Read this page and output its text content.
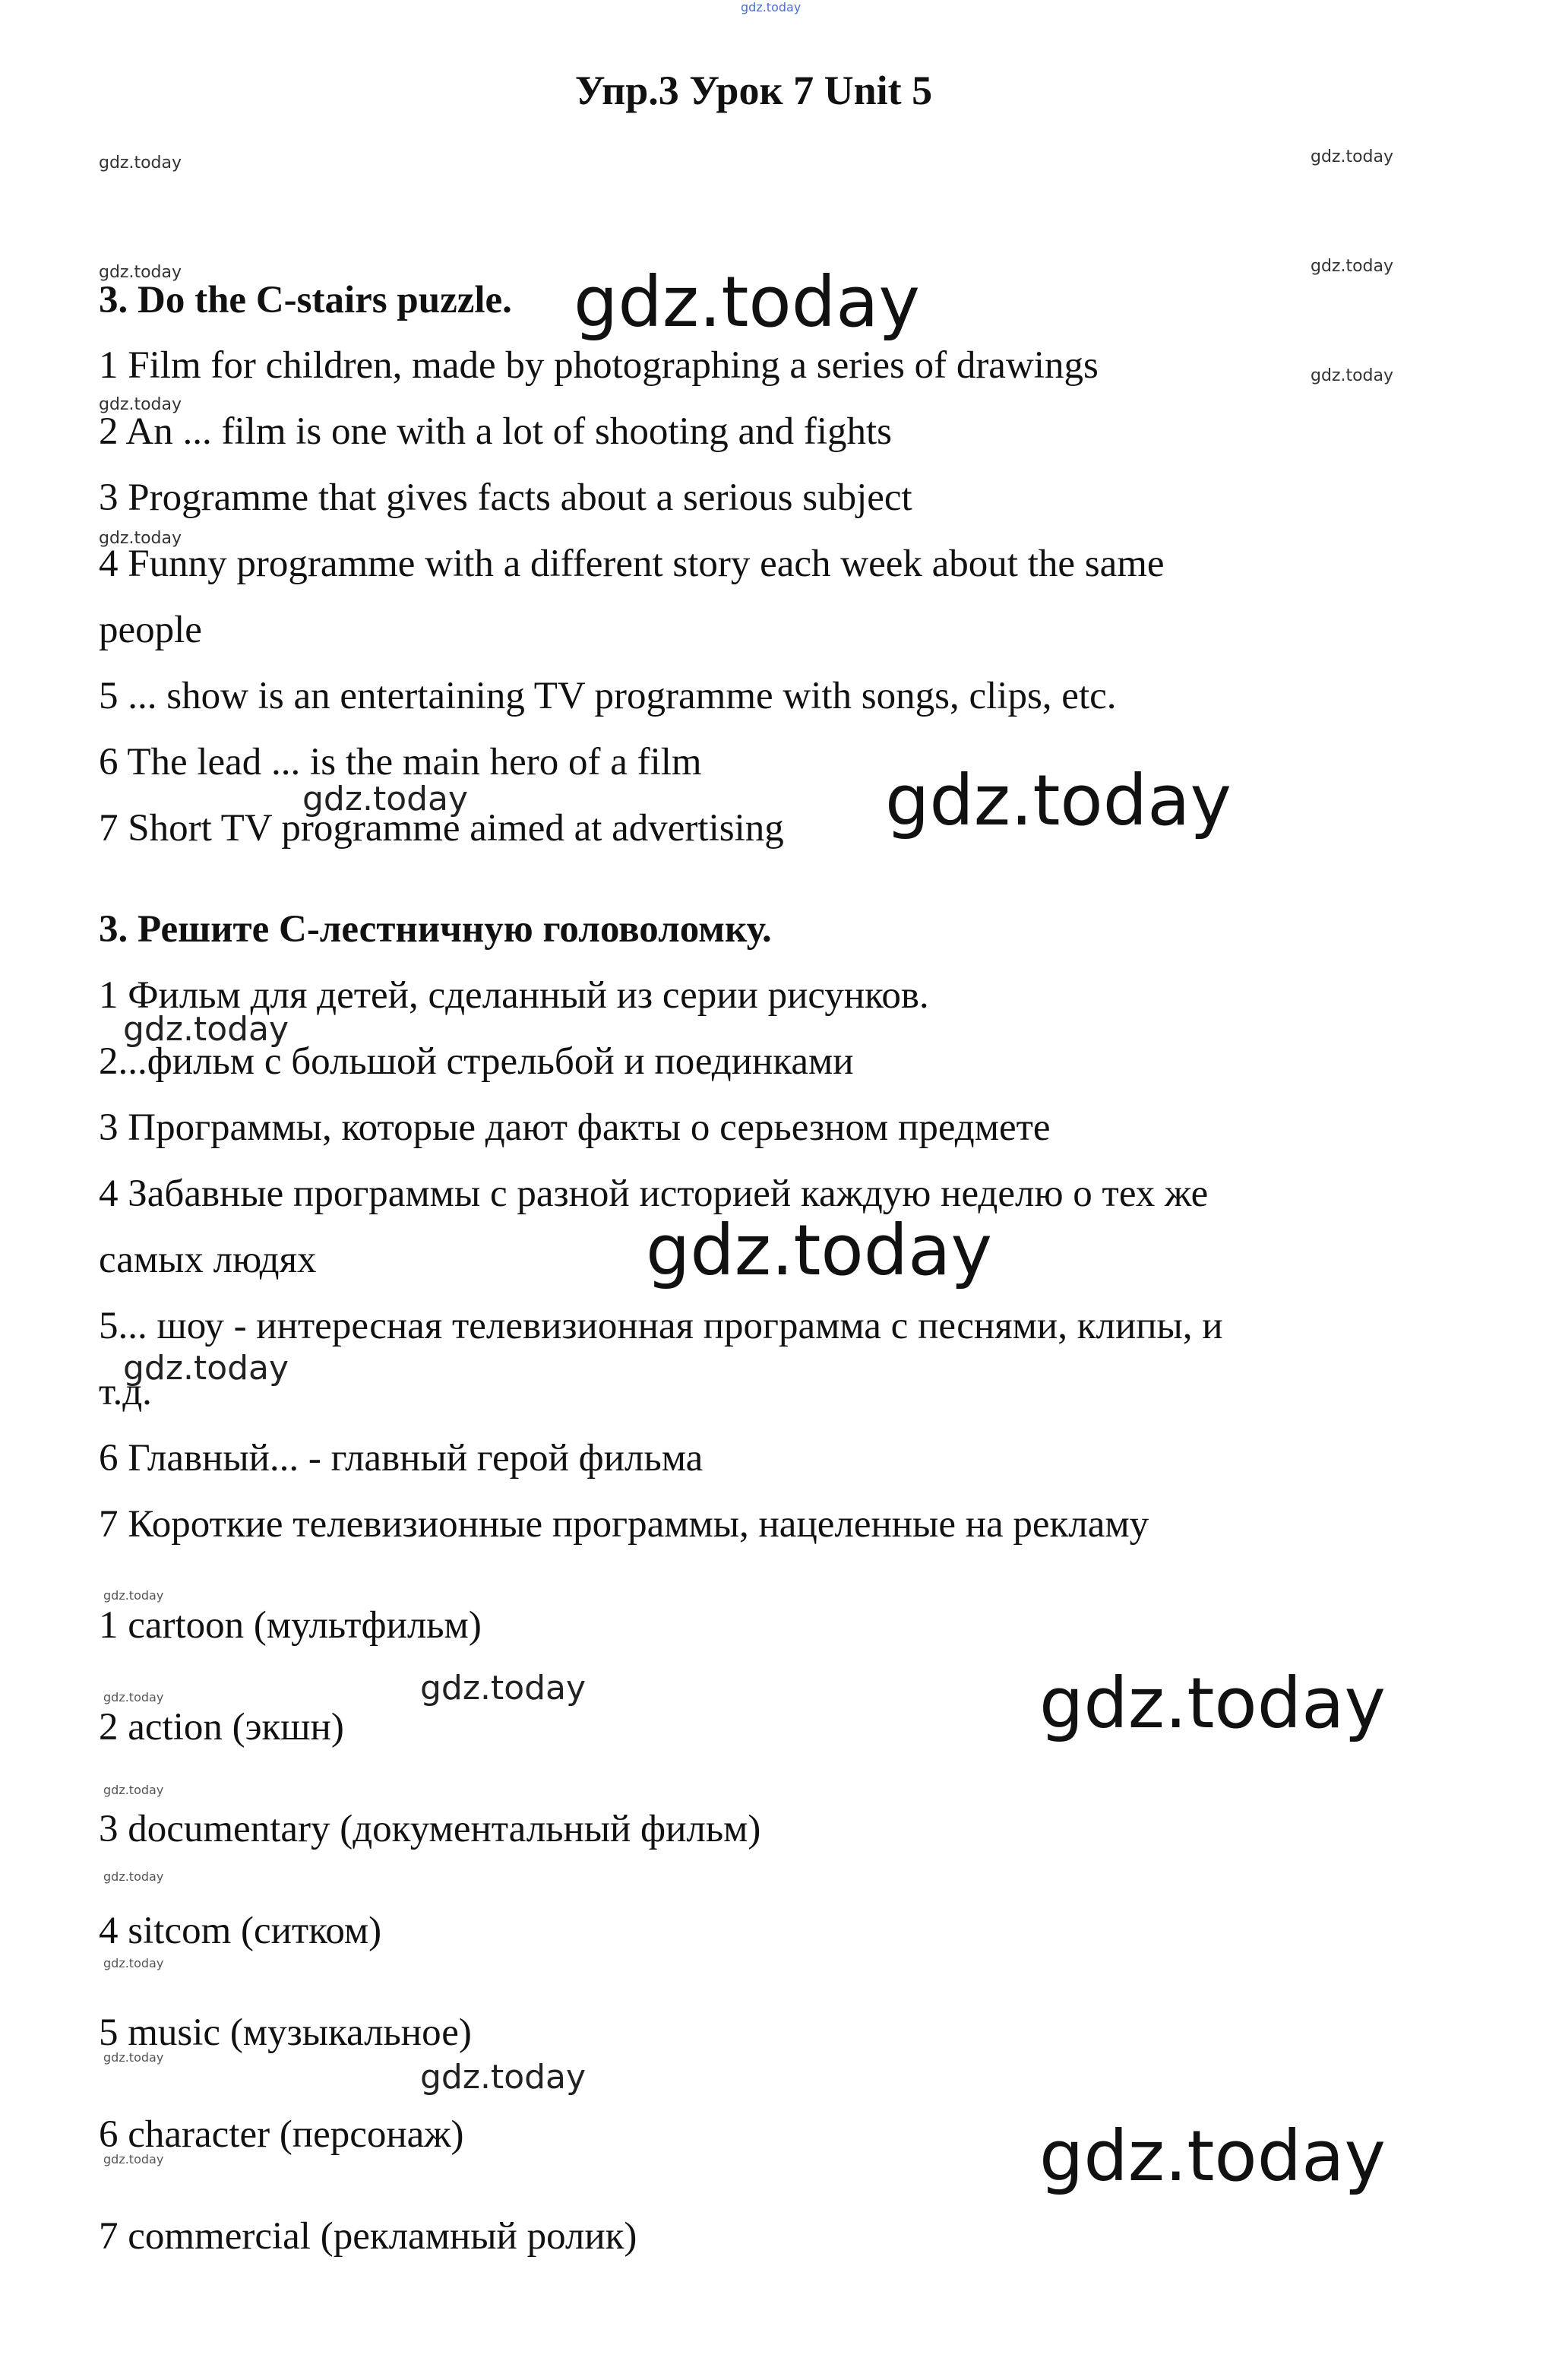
Упр.3 Урок 7 Unit 5
3. Do the C-stairs puzzle.
1 Film for children, made by photographing a series of drawings
2 An ... film is one with a lot of shooting and fights
3 Programme that gives facts about a serious subject
4 Funny programme with a different story each week about the same
people
5 ... show is an entertaining TV programme with songs, clips, etc.
6 The lead ... is the main hero of a film
7 Short TV programme aimed at advertising
3. Решите С-лестничную головоломку.
1 Фильм для детей, сделанный из серии рисунков.
2...фильм с большой стрельбой и поединками
3 Программы, которые дают факты о серьезном предмете
4 Забавные программы с разной историей каждую неделю о тех же
самых людях
5... шоу - интересная телевизионная программа с песнями, клипы, и
т.д.
6 Главный... - главный герой фильма
7 Короткие телевизионные программы, нацеленные на рекламу
1 cartoon (мультфильм)
2 action (экшн)
3 documentary (документальный фильм)
4 sitcom (ситком)
5 music (музыкальное)
6 character (персонаж)
7 commercial (рекламный ролик)
gdz.today
gdz.today	gdz.today
gdz.today	gdz.today
gdz.today
gdz.today
gdz.today
gdz.today
gdz.today	gdz.today
gdz.today
gdz.today
gdz.today
gdz.today
gdz.today	gdz.today	gdz.today
gdz.today
gdz.today
gdz.today
gdz.today
gdz.today
gdz.today	gdz.today
